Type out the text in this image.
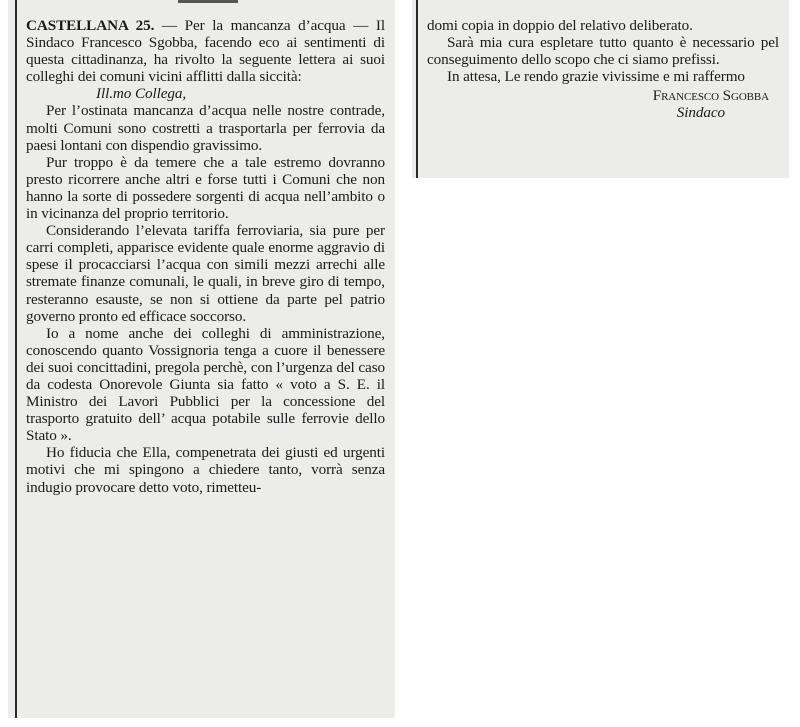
CASTELLANA 25. — Per la mancanza d’acqua — Il Sindaco Francesco Sgobba, facendo eco ai sentimenti di questa cittadinanza, ha rivolto la seguente lettera ai suoi colleghi dei comuni vicini afflitti dalla siccità:

Ill.mo Collega,

Per l’ostinata mancanza d’acqua nelle nostre contrade, molti Comuni sono costretti a trasportarla per ferrovia da paesi lontani con dispendio gravissimo.

Pur troppo è da temere che a tale estremo dovranno presto ricorrere anche altri e forse tutti i Comuni che non hanno la sorte di possedere sorgenti di acqua nell’ambito o in vicinanza del proprio territorio.

Considerando l’elevata tariffa ferroviaria, sia pure per carri completi, apparisce evidente quale enorme aggravio di spese il procacciarsi l’acqua con simili mezzi arrechi alle stremate finanze comunali, le quali, in breve giro di tempo, resteranno esauste, se non si ottiene da parte pel patrio governo pronto ed efficace soccorso.

Io a nome anche dei colleghi di amministrazione, conoscendo quanto Vossignoria tenga a cuore il benessere dei suoi concittadini, pregola perchè, con l’urgenza del caso da codesta Onorevole Giunta sia fatto « voto a S. E. il Ministro dei Lavori Pubblici per la concessione del trasporto gratuito dell’ acqua potabile sulle ferrovie dello Stato ».

Ho fiducia che Ella, compenetrata dei giusti ed urgenti motivi che mi spingono a chiedere tanto, vorrà senza indugio provocare detto voto, rimetteu-

domi copia in doppio del relativo deliberato.

Sarà mia cura espletare tutto quanto è necessario pel conseguimento dello scopo che ci siamo prefissi.

In attesa, Le rendo grazie vivissime e mi raffermo

Francesco Sgobba

Sindaco
